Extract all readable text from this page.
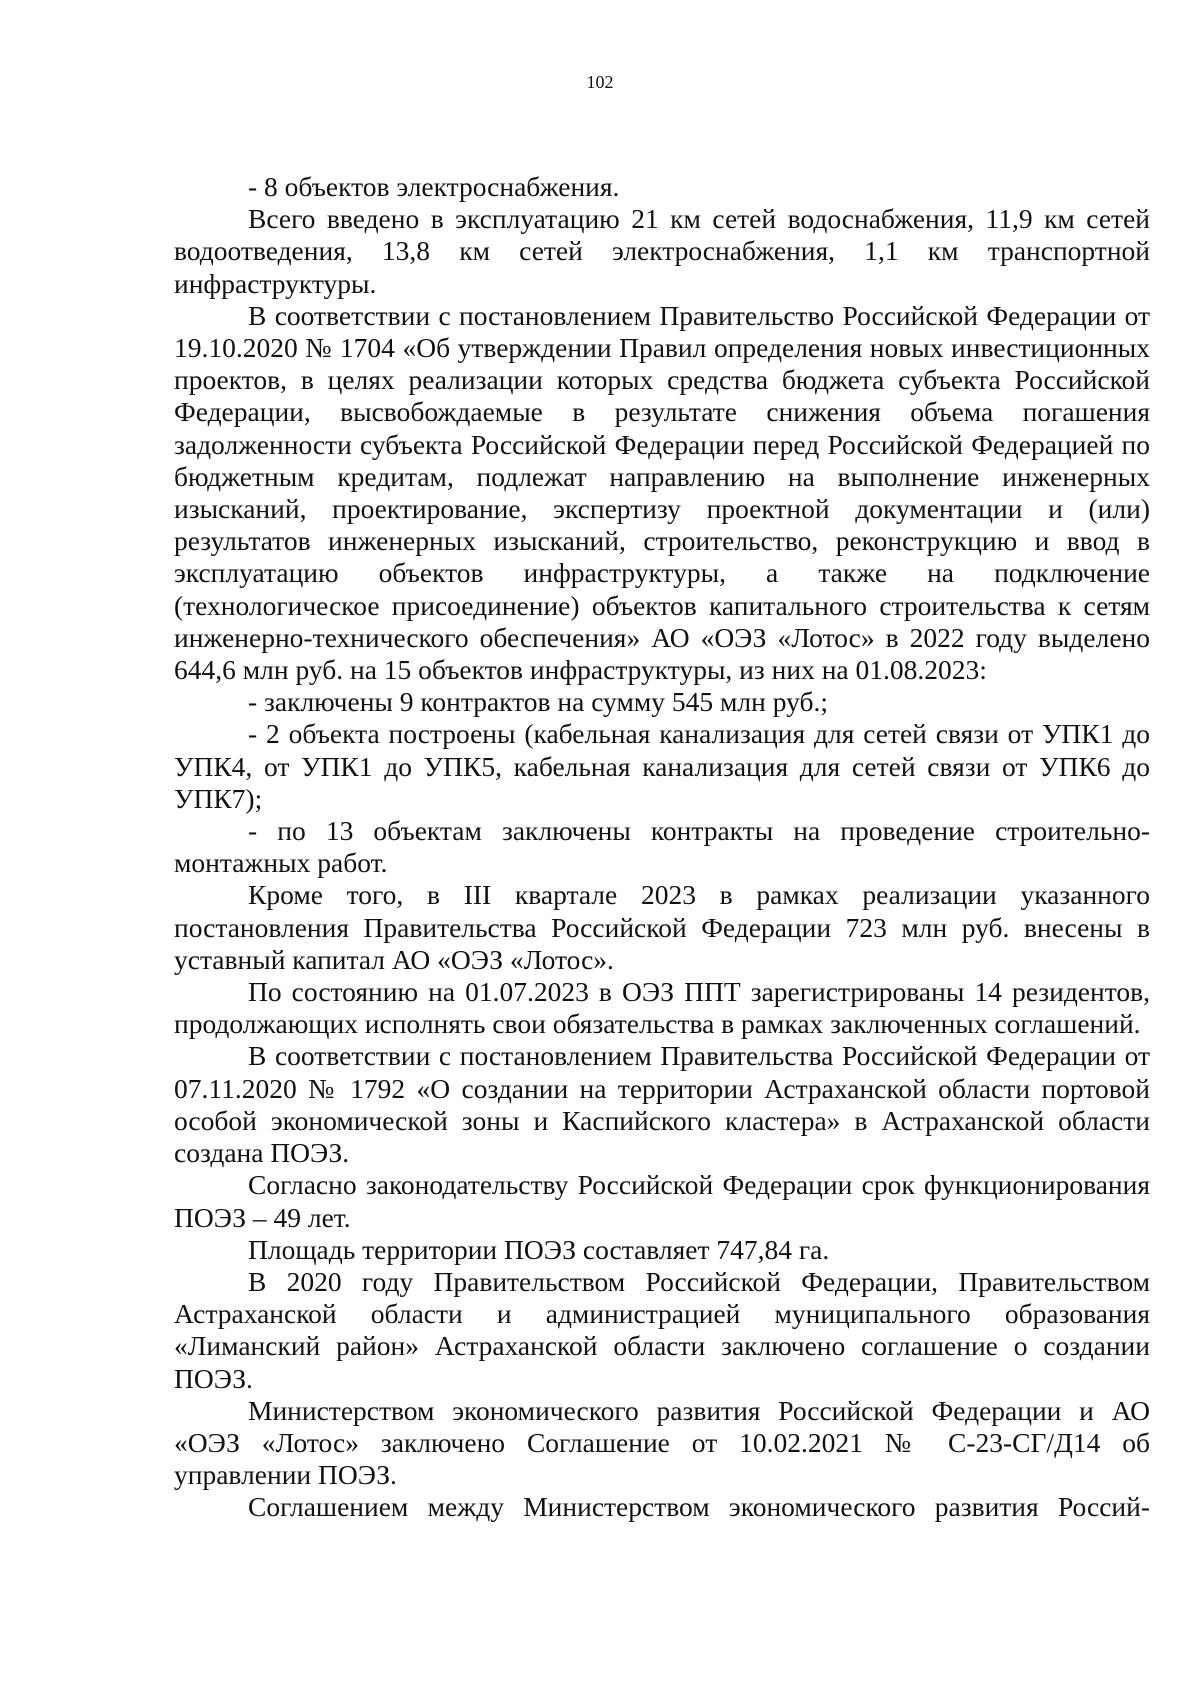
102

- 8 объектов электроснабжения.

Всего введено в эксплуатацию 21 км сетей водоснабжения, 11,9 км сетей водоотведения, 13,8 км сетей электроснабжения, 1,1 км транспортной инфраструктуры.

В соответствии с постановлением Правительство Российской Федерации от 19.10.2020 № 1704 «Об утверждении Правил определения новых инвестиционных проектов, в целях реализации которых средства бюджета субъекта Российской Федерации, высвобождаемые в результате снижения объема погашения задолженности субъекта Российской Федерации перед Российской Федерацией по бюджетным кредитам, подлежат направлению на выполнение инженерных изысканий, проектирование, экспертизу проектной документации и (или) результатов инженерных изысканий, строительство, реконструкцию и ввод в эксплуатацию объектов инфраструктуры, а также на подключение (технологическое присоединение) объектов капитального строительства к сетям инженерно-технического обеспечения» АО «ОЭЗ «Лотос» в 2022 году выделено 644,6 млн руб. на 15 объектов инфраструктуры, из них на 01.08.2023:

- заключены 9 контрактов на сумму 545 млн руб.;

- 2 объекта построены (кабельная канализация для сетей связи от УПК1 до УПК4, от УПК1 до УПК5, кабельная канализация для сетей связи от УПК6 до УПК7);

- по 13 объектам заключены контракты на проведение строительно-монтажных работ.

Кроме того, в III квартале 2023 в рамках реализации указанного постановления Правительства Российской Федерации 723 млн руб. внесены в уставный капитал АО «ОЭЗ «Лотос».

По состоянию на 01.07.2023 в ОЭЗ ППТ зарегистрированы 14 резидентов, продолжающих исполнять свои обязательства в рамках заключенных соглашений.

В соответствии с постановлением Правительства Российской Федерации от 07.11.2020 № 1792 «О создании на территории Астраханской области портовой особой экономической зоны и Каспийского кластера» в Астраханской области создана ПОЭЗ.

Согласно законодательству Российской Федерации срок функционирования ПОЭЗ – 49 лет.

Площадь территории ПОЭЗ составляет 747,84 га.

В 2020 году Правительством Российской Федерации, Правительством Астраханской области и администрацией муниципального образования «Лиманский район» Астраханской области заключено соглашение о создании ПОЭЗ.

Министерством экономического развития Российской Федерации и АО «ОЭЗ «Лотос» заключено Соглашение от 10.02.2021 № С-23-СГ/Д14 об управлении ПОЭЗ.

Соглашением между Министерством экономического развития Россий-
